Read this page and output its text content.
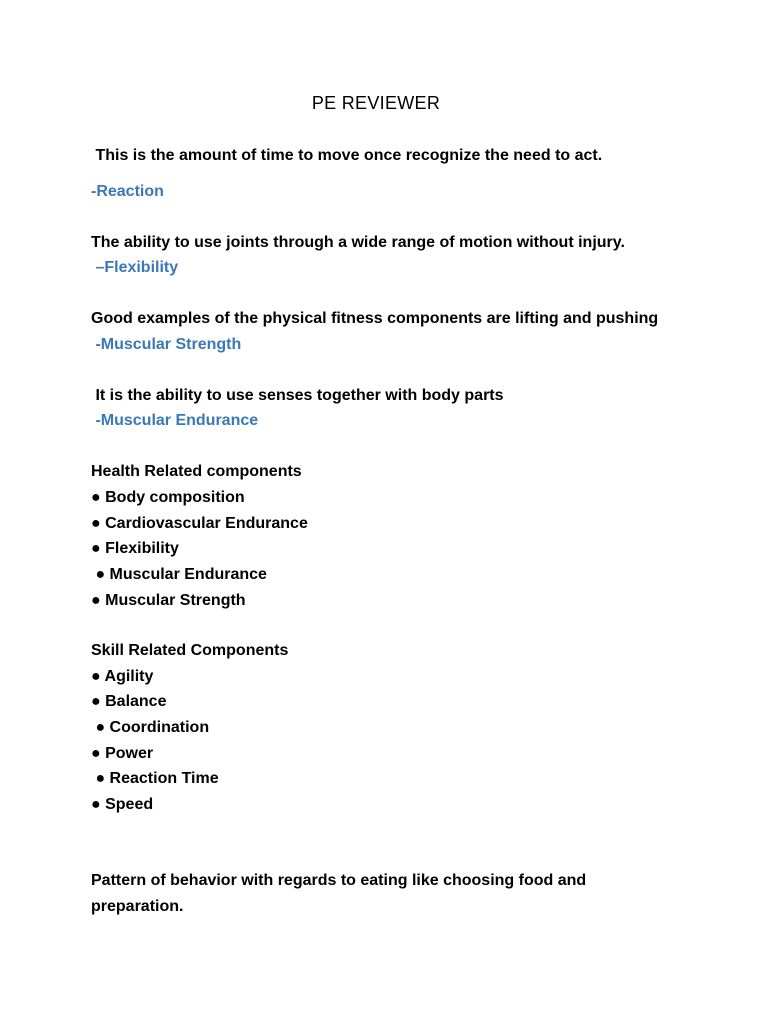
PE REVIEWER
This is the amount of time to move once recognize the need to act.
-Reaction
The ability to use joints through a wide range of motion without injury.
–Flexibility
Good examples of the physical fitness components are lifting and pushing
-Muscular Strength
It is the ability to use senses together with body parts
-Muscular Endurance
Health Related components
● Body composition
● Cardiovascular Endurance
● Flexibility
● Muscular Endurance
● Muscular Strength
Skill Related Components
● Agility
● Balance
● Coordination
● Power
● Reaction Time
● Speed
Pattern of behavior with regards to eating like choosing food and
preparation.
